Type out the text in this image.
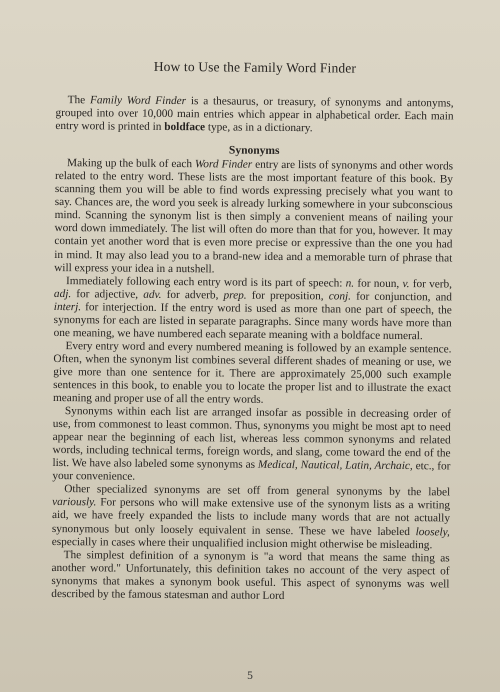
How to Use the Family Word Finder

The Family Word Finder is a thesaurus, or treasury, of synonyms and antonyms, grouped into over 10,000 main entries which appear in alphabetical order. Each main entry word is printed in boldface type, as in a dictionary.

Synonyms

Making up the bulk of each Word Finder entry are lists of synonyms and other words related to the entry word. These lists are the most important feature of this book. By scanning them you will be able to find words expressing precisely what you want to say. Chances are, the word you seek is already lurking somewhere in your subconscious mind. Scanning the synonym list is then simply a convenient means of nailing your word down immediately. The list will often do more than that for you, however. It may contain yet another word that is even more precise or expressive than the one you had in mind. It may also lead you to a brand-new idea and a memorable turn of phrase that will express your idea in a nutshell.

Immediately following each entry word is its part of speech: n. for noun, v. for verb, adj. for adjective, adv. for adverb, prep. for preposition, conj. for conjunction, and interj. for interjection. If the entry word is used as more than one part of speech, the synonyms for each are listed in separate paragraphs. Since many words have more than one meaning, we have numbered each separate meaning with a boldface numeral.

Every entry word and every numbered meaning is followed by an example sentence. Often, when the synonym list combines several different shades of meaning or use, we give more than one sentence for it. There are approximately 25,000 such example sentences in this book, to enable you to locate the proper list and to illustrate the exact meaning and proper use of all the entry words.

Synonyms within each list are arranged insofar as possible in decreasing order of use, from commonest to least common. Thus, synonyms you might be most apt to need appear near the beginning of each list, whereas less common synonyms and related words, including technical terms, foreign words, and slang, come toward the end of the list. We have also labeled some synonyms as Medical, Nautical, Latin, Archaic, etc., for your convenience.

Other specialized synonyms are set off from general synonyms by the label variously. For persons who will make extensive use of the synonym lists as a writing aid, we have freely expanded the lists to include many words that are not actually synonymous but only loosely equivalent in sense. These we have labeled loosely, especially in cases where their unqualified inclusion might otherwise be misleading.

The simplest definition of a synonym is "a word that means the same thing as another word." Unfortunately, this definition takes no account of the very aspect of synonyms that makes a synonym book useful. This aspect of synonyms was well described by the famous statesman and author Lord

5
